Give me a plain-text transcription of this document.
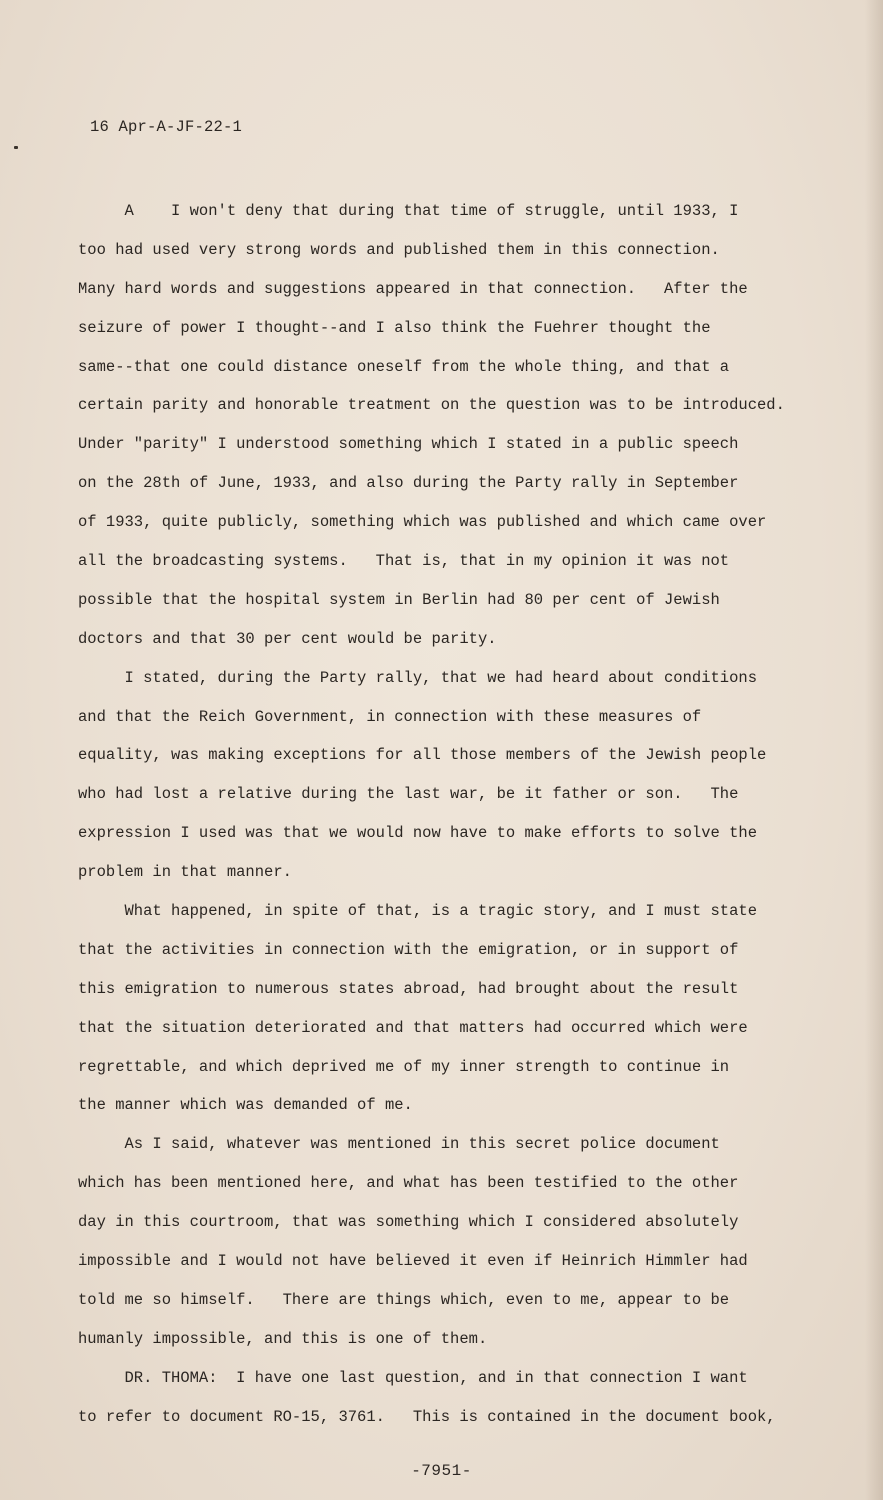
16 Apr-A-JF-22-1
A    I won't deny that during that time of struggle, until 1933, I
too had used very strong words and published them in this connection.
Many hard words and suggestions appeared in that connection.   After the
seizure of power I thought--and I also think the Fuehrer thought the
same--that one could distance oneself from the whole thing, and that a
certain parity and honorable treatment on the question was to be introduced.
Under "parity" I understood something which I stated in a public speech
on the 28th of June, 1933, and also during the Party rally in September
of 1933, quite publicly, something which was published and which came over
all the broadcasting systems.   That is, that in my opinion it was not
possible that the hospital system in Berlin had 80 per cent of Jewish
doctors and that 30 per cent would be parity.
I stated, during the Party rally, that we had heard about conditions
and that the Reich Government, in connection with these measures of
equality, was making exceptions for all those members of the Jewish people
who had lost a relative during the last war, be it father or son.   The
expression I used was that we would now have to make efforts to solve the
problem in that manner.
What happened, in spite of that, is a tragic story, and I must state
that the activities in connection with the emigration, or in support of
this emigration to numerous states abroad, had brought about the result
that the situation deteriorated and that matters had occurred which were
regrettable, and which deprived me of my inner strength to continue in
the manner which was demanded of me.
As I said, whatever was mentioned in this secret police document
which has been mentioned here, and what has been testified to the other
day in this courtroom, that was something which I considered absolutely
impossible and I would not have believed it even if Heinrich Himmler had
told me so himself.   There are things which, even to me, appear to be
humanly impossible, and this is one of them.
DR. THOMA:  I have one last question, and in that connection I want
to refer to document RO-15, 3761.   This is contained in the document book,
-7951-
